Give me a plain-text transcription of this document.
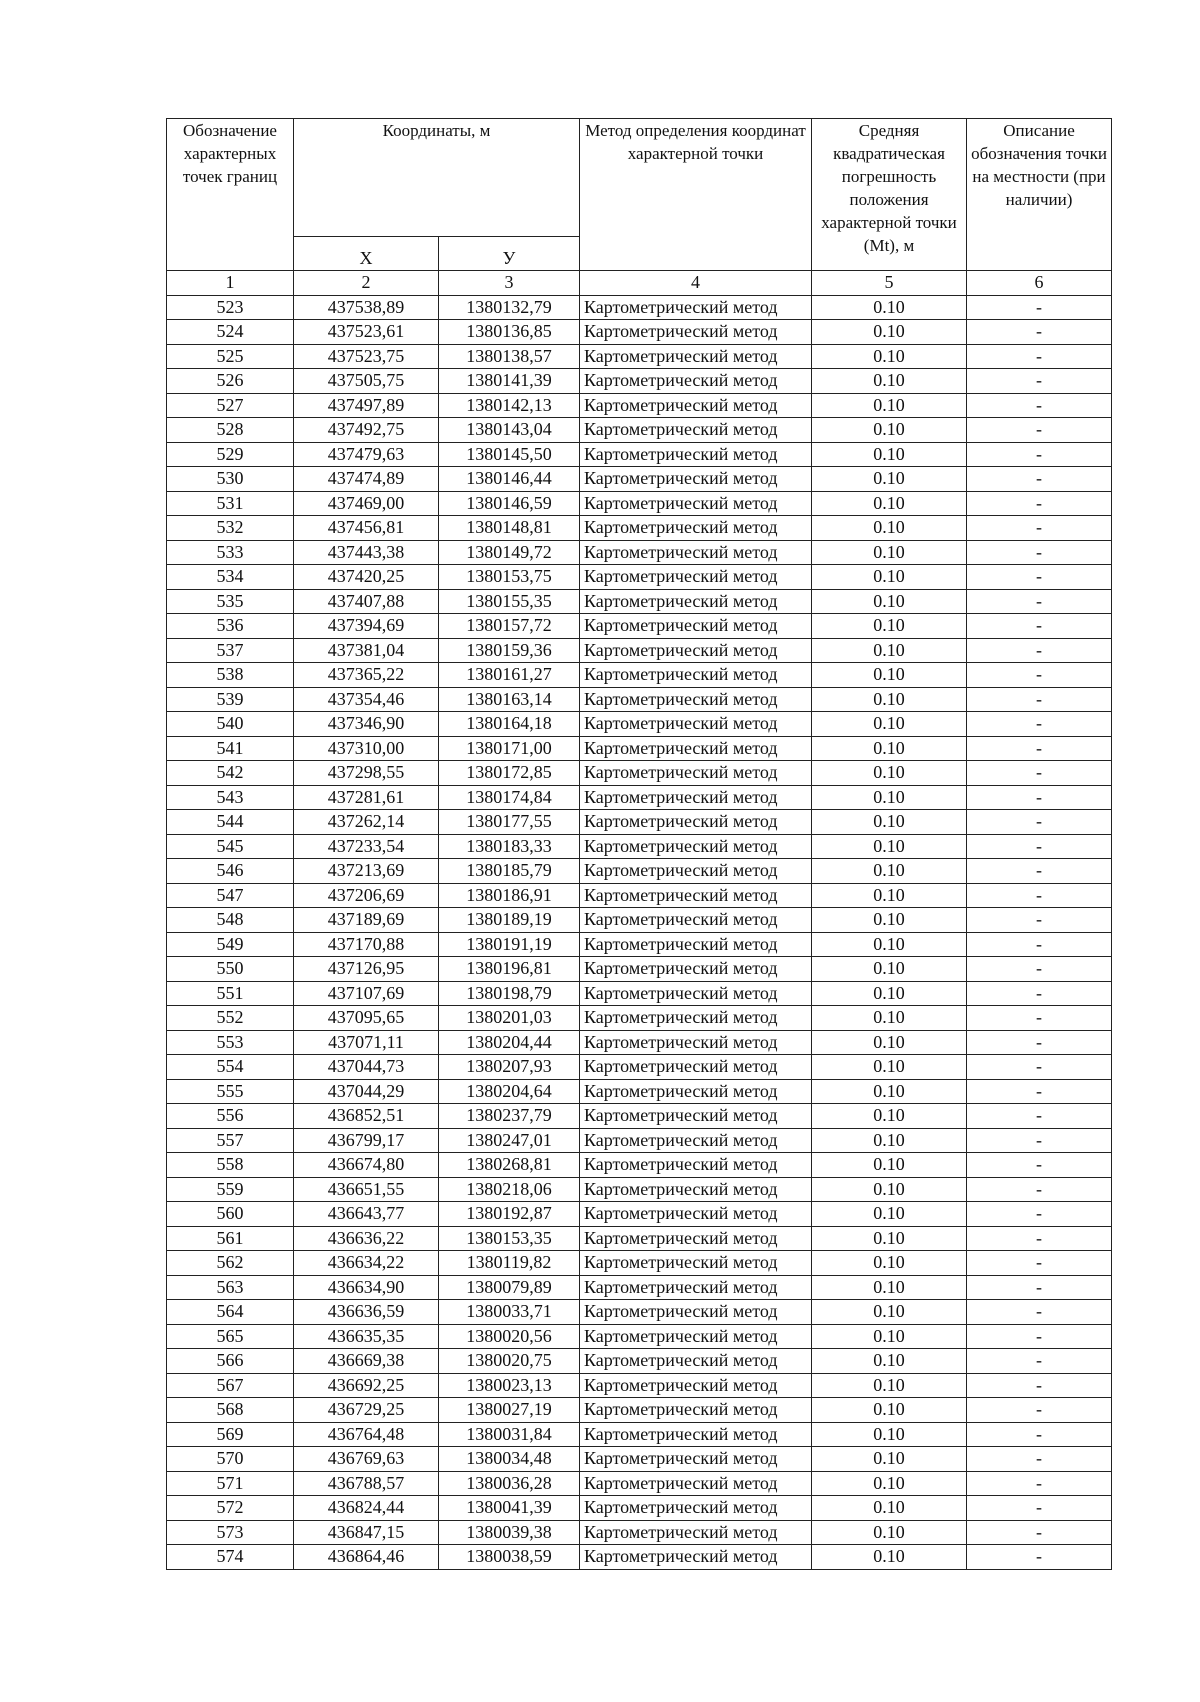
Обозначение характерных точек границ	Координаты, м		Метод определения координат характерной точки	Средняя квадратическая погрешность положения характерной точки (Mt), м	Описание обозначения точки на местности (при наличии)
	X	У			
1	2	3	4	5	6
523	437538,89	1380132,79	Картометрический метод	0.10	-
524	437523,61	1380136,85	Картометрический метод	0.10	-
525	437523,75	1380138,57	Картометрический метод	0.10	-
526	437505,75	1380141,39	Картометрический метод	0.10	-
527	437497,89	1380142,13	Картометрический метод	0.10	-
528	437492,75	1380143,04	Картометрический метод	0.10	-
529	437479,63	1380145,50	Картометрический метод	0.10	-
530	437474,89	1380146,44	Картометрический метод	0.10	-
531	437469,00	1380146,59	Картометрический метод	0.10	-
532	437456,81	1380148,81	Картометрический метод	0.10	-
533	437443,38	1380149,72	Картометрический метод	0.10	-
534	437420,25	1380153,75	Картометрический метод	0.10	-
535	437407,88	1380155,35	Картометрический метод	0.10	-
536	437394,69	1380157,72	Картометрический метод	0.10	-
537	437381,04	1380159,36	Картометрический метод	0.10	-
538	437365,22	1380161,27	Картометрический метод	0.10	-
539	437354,46	1380163,14	Картометрический метод	0.10	-
540	437346,90	1380164,18	Картометрический метод	0.10	-
541	437310,00	1380171,00	Картометрический метод	0.10	-
542	437298,55	1380172,85	Картометрический метод	0.10	-
543	437281,61	1380174,84	Картометрический метод	0.10	-
544	437262,14	1380177,55	Картометрический метод	0.10	-
545	437233,54	1380183,33	Картометрический метод	0.10	-
546	437213,69	1380185,79	Картометрический метод	0.10	-
547	437206,69	1380186,91	Картометрический метод	0.10	-
548	437189,69	1380189,19	Картометрический метод	0.10	-
549	437170,88	1380191,19	Картометрический метод	0.10	-
550	437126,95	1380196,81	Картометрический метод	0.10	-
551	437107,69	1380198,79	Картометрический метод	0.10	-
552	437095,65	1380201,03	Картометрический метод	0.10	-
553	437071,11	1380204,44	Картометрический метод	0.10	-
554	437044,73	1380207,93	Картометрический метод	0.10	-
555	437044,29	1380204,64	Картометрический метод	0.10	-
556	436852,51	1380237,79	Картометрический метод	0.10	-
557	436799,17	1380247,01	Картометрический метод	0.10	-
558	436674,80	1380268,81	Картометрический метод	0.10	-
559	436651,55	1380218,06	Картометрический метод	0.10	-
560	436643,77	1380192,87	Картометрический метод	0.10	-
561	436636,22	1380153,35	Картометрический метод	0.10	-
562	436634,22	1380119,82	Картометрический метод	0.10	-
563	436634,90	1380079,89	Картометрический метод	0.10	-
564	436636,59	1380033,71	Картометрический метод	0.10	-
565	436635,35	1380020,56	Картометрический метод	0.10	-
566	436669,38	1380020,75	Картометрический метод	0.10	-
567	436692,25	1380023,13	Картометрический метод	0.10	-
568	436729,25	1380027,19	Картометрический метод	0.10	-
569	436764,48	1380031,84	Картометрический метод	0.10	-
570	436769,63	1380034,48	Картометрический метод	0.10	-
571	436788,57	1380036,28	Картометрический метод	0.10	-
572	436824,44	1380041,39	Картометрический метод	0.10	-
573	436847,15	1380039,38	Картометрический метод	0.10	-
574	436864,46	1380038,59	Картометрический метод	0.10	-
